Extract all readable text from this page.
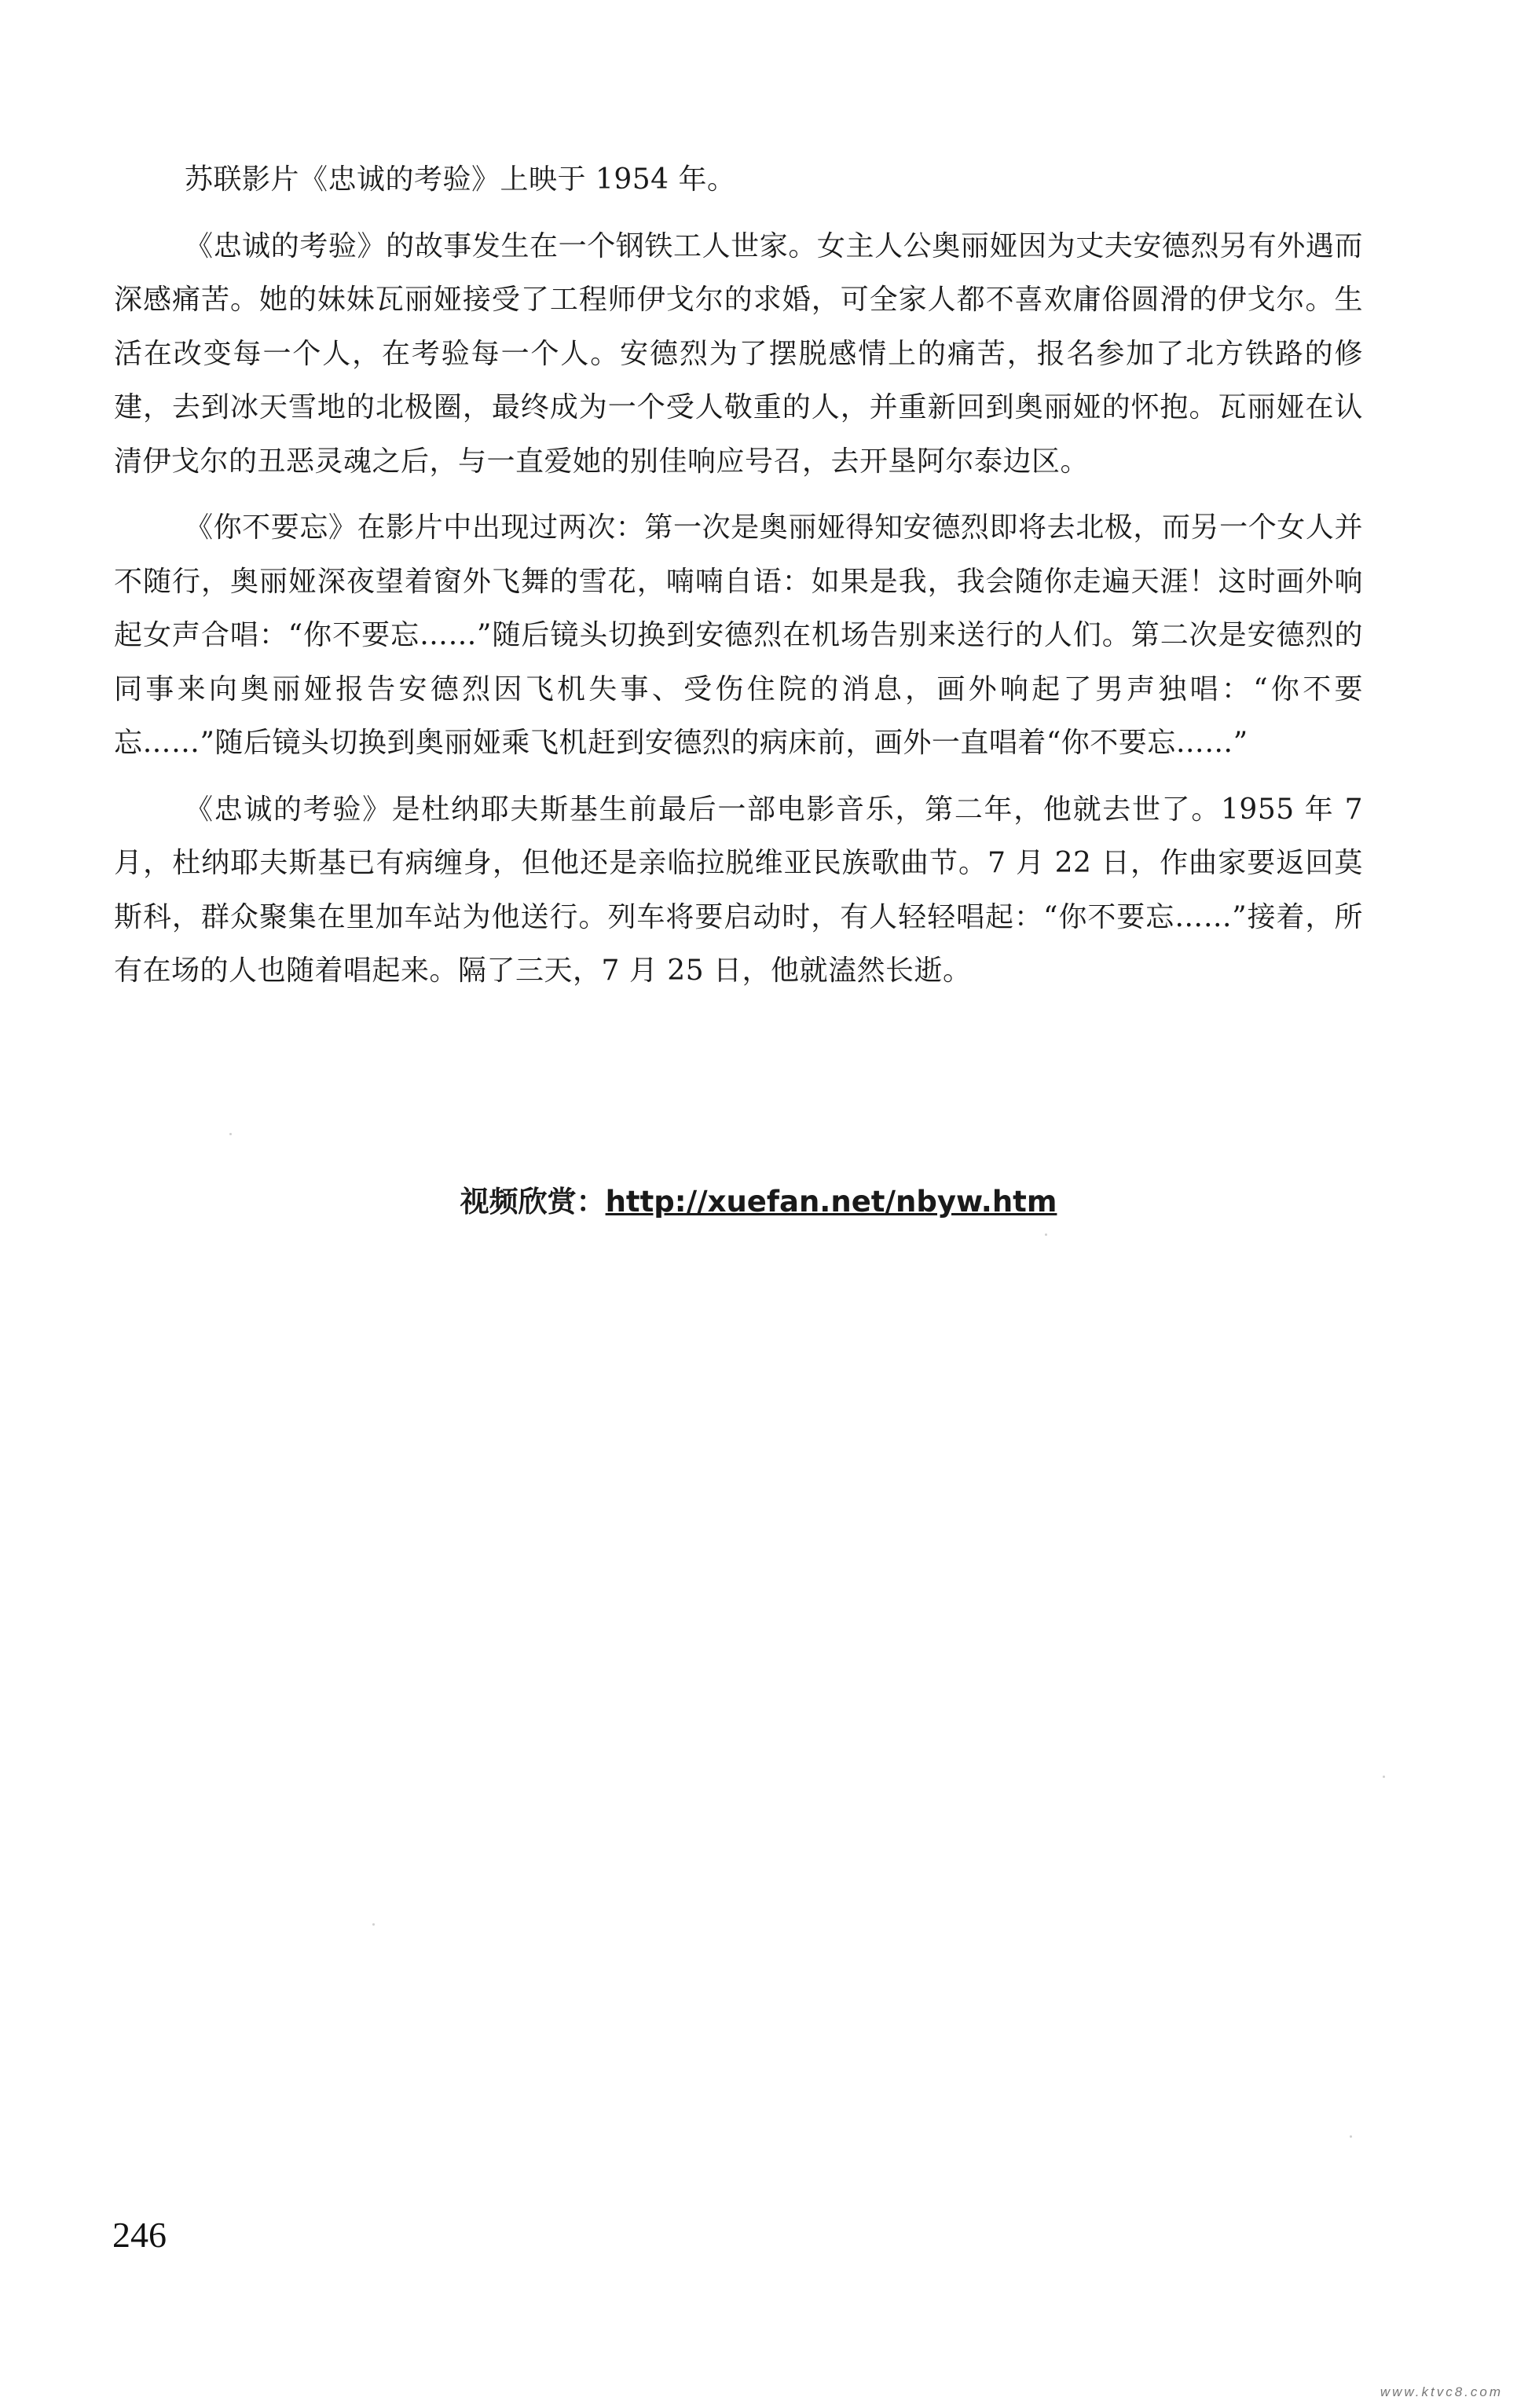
苏联影片《忠诚的考验》上映于 1954 年。

《忠诚的考验》的故事发生在一个钢铁工人世家。女主人公奥丽娅因为丈夫安德烈另有外遇而深感痛苦。她的妹妹瓦丽娅接受了工程师伊戈尔的求婚，可全家人都不喜欢庸俗圆滑的伊戈尔。生活在改变每一个人，在考验每一个人。安德烈为了摆脱感情上的痛苦，报名参加了北方铁路的修建，去到冰天雪地的北极圈，最终成为一个受人敬重的人，并重新回到奥丽娅的怀抱。瓦丽娅在认清伊戈尔的丑恶灵魂之后，与一直爱她的别佳响应号召，去开垦阿尔泰边区。

《你不要忘》在影片中出现过两次：第一次是奥丽娅得知安德烈即将去北极，而另一个女人并不随行，奥丽娅深夜望着窗外飞舞的雪花，喃喃自语：如果是我，我会随你走遍天涯！这时画外响起女声合唱：“你不要忘……”随后镜头切换到安德烈在机场告别来送行的人们。第二次是安德烈的同事来向奥丽娅报告安德烈因飞机失事、受伤住院的消息，画外响起了男声独唱：“你不要忘……”随后镜头切换到奥丽娅乘飞机赶到安德烈的病床前，画外一直唱着“你不要忘……”

《忠诚的考验》是杜纳耶夫斯基生前最后一部电影音乐，第二年，他就去世了。1955 年 7 月，杜纳耶夫斯基已有病缠身，但他还是亲临拉脱维亚民族歌曲节。7 月 22 日，作曲家要返回莫斯科，群众聚集在里加车站为他送行。列车将要启动时，有人轻轻唱起：“你不要忘……”接着，所有在场的人也随着唱起来。隔了三天，7 月 25 日，他就溘然长逝。

视频欣赏：http://xuefan.net/nbyw.htm
246
www.ktvc8.com
